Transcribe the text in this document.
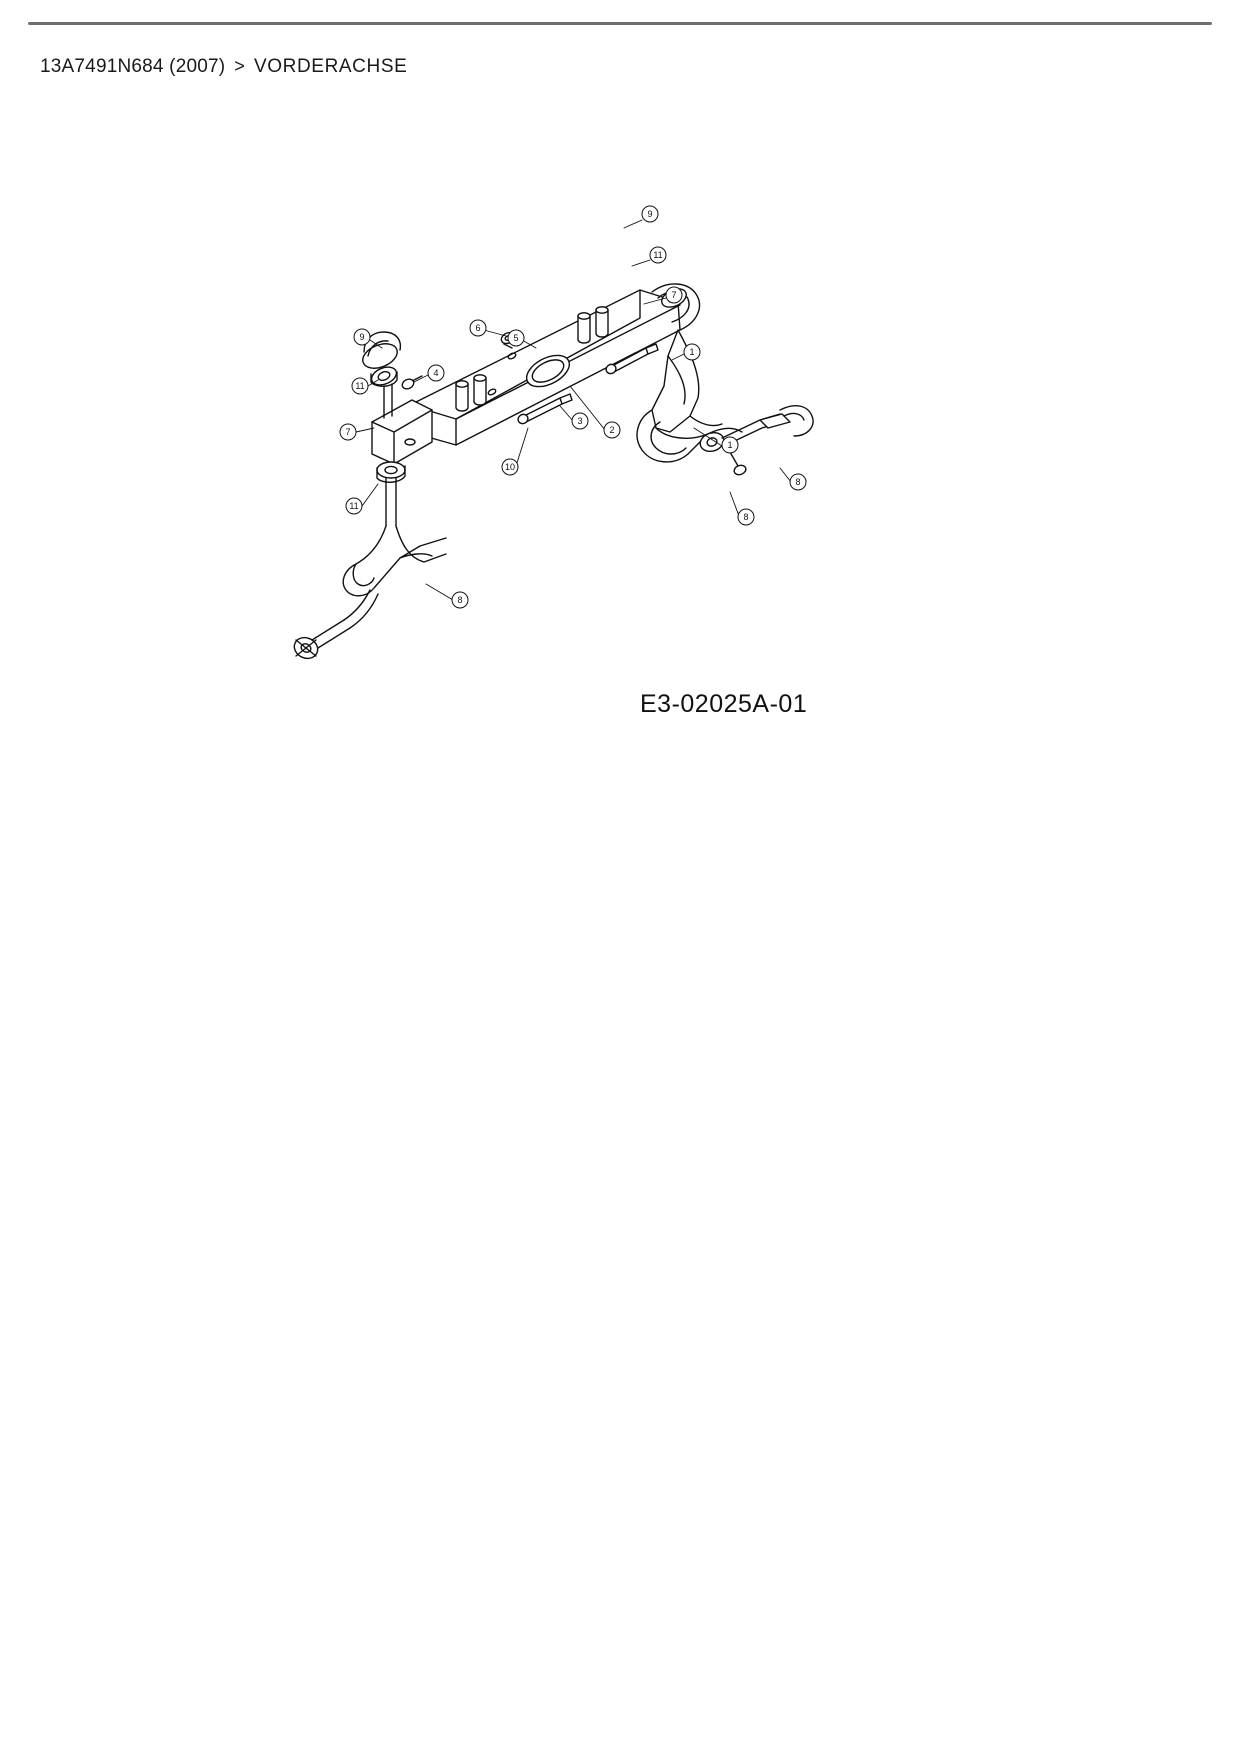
13A7491N684 (2007) > VORDERACHSE
9
11
7
6
5
9
1
4
11
3
2
7
1
10
8
11
8
8
E3-02025A-01
